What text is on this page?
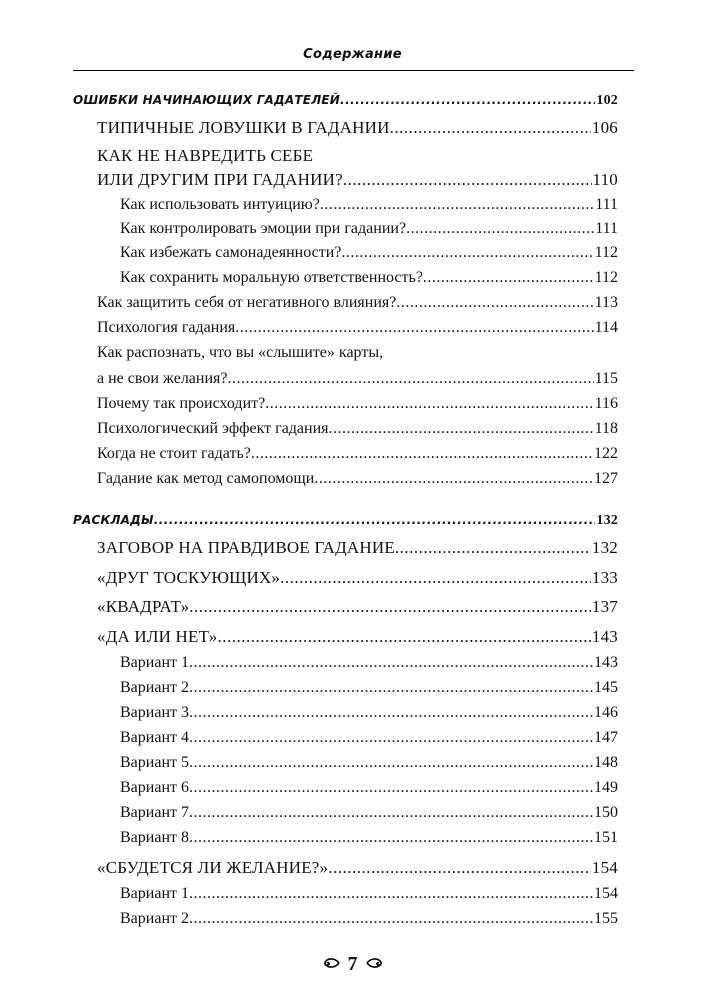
Содержание
ОШИБКИ НАЧИНАЮЩИХ ГАДАТЕЛЕЙ .....	102
ТИПИЧНЫЕ ЛОВУШКИ В ГАДАНИИ .....	106
КАК НЕ НАВРЕДИТЬ СЕБЕ
ИЛИ ДРУГИМ ПРИ ГАДАНИИ? .....	110
Как использовать интуицию? .....	111
Как контролировать эмоции при гадании? .....	111
Как избежать самонадеянности? .....	112
Как сохранить моральную ответственность? .....	112
Как защитить себя от негативного влияния? .....	113
Психология гадания .....	114
Как распознать, что вы «слышите» карты,
а не свои желания? .....	115
Почему так происходит? .....	116
Психологический эффект гадания .....	118
Когда не стоит гадать? .....	122
Гадание как метод самопомощи .....	127
РАСКЛАДЫ .....	132
ЗАГОВОР НА ПРАВДИВОЕ ГАДАНИЕ .....	132
«ДРУГ ТОСКУЮЩИХ» .....	133
«КВАДРАТ» .....	137
«ДА ИЛИ НЕТ» .....	143
Вариант 1 .....	143
Вариант 2 .....	145
Вариант 3 .....	146
Вариант 4 .....	147
Вариант 5 .....	148
Вариант 6 .....	149
Вариант 7 .....	150
Вариант 8 .....	151
«СБУДЕТСЯ ЛИ ЖЕЛАНИЕ?» .....	154
Вариант 1 .....	154
Вариант 2 .....	155
7
